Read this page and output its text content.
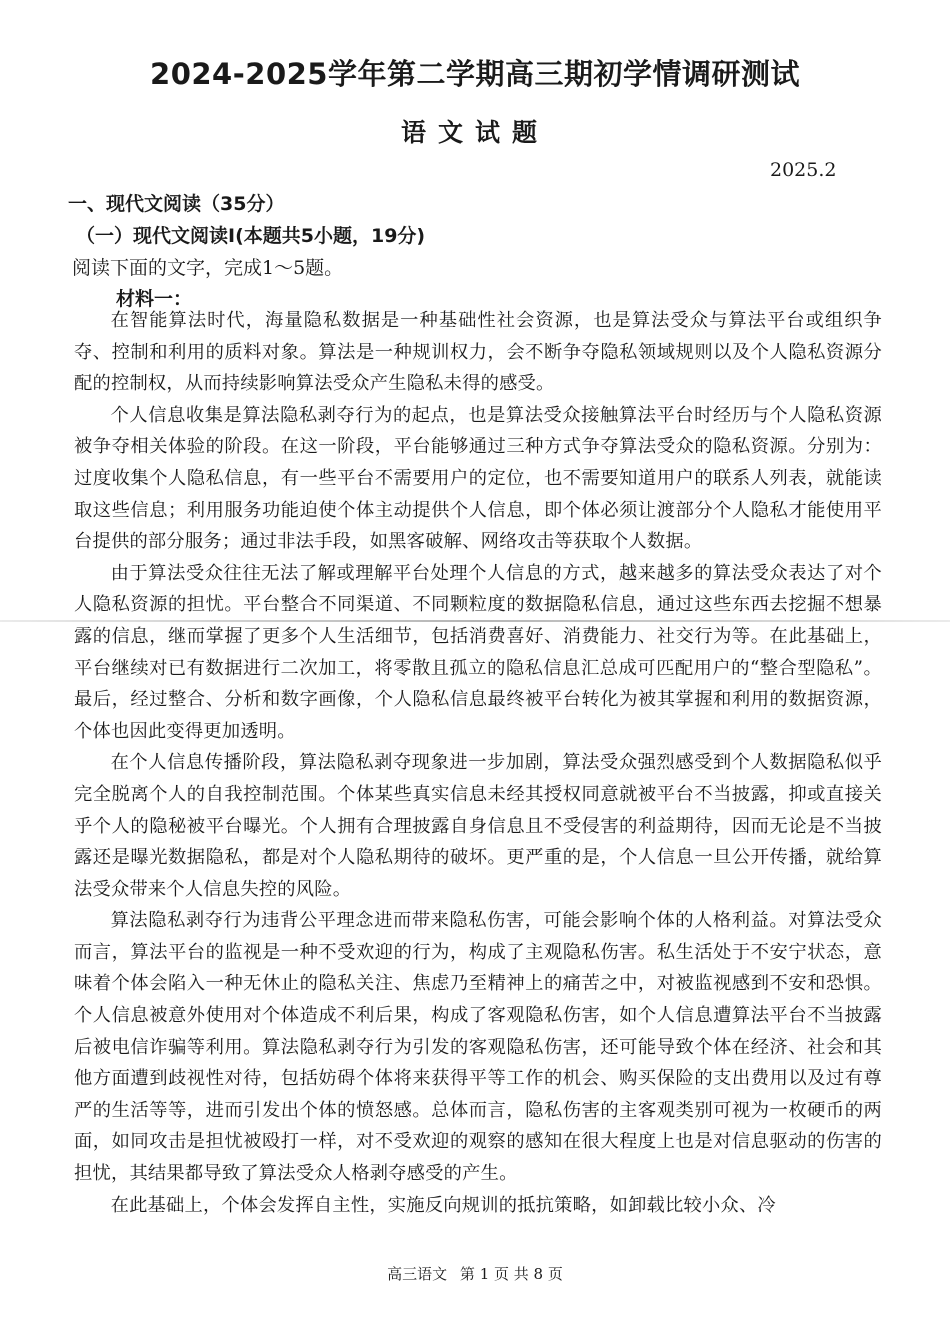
2024-2025学年第二学期高三期初学情调研测试
语文试题
2025.2
一、现代文阅读（35分）
（一）现代文阅读Ⅰ(本题共5小题，19分)
阅读下面的文字，完成1～5题。
材料一：

在智能算法时代，海量隐私数据是一种基础性社会资源，也是算法受众与算法平台或组织争夺、控制和利用的质料对象。算法是一种规训权力，会不断争夺隐私领域规则以及个人隐私资源分配的控制权，从而持续影响算法受众产生隐私未得的感受。

个人信息收集是算法隐私剥夺行为的起点，也是算法受众接触算法平台时经历与个人隐私资源被争夺相关体验的阶段。在这一阶段，平台能够通过三种方式争夺算法受众的隐私资源。分别为：过度收集个人隐私信息，有一些平台不需要用户的定位，也不需要知道用户的联系人列表，就能读取这些信息；利用服务功能迫使个体主动提供个人信息，即个体必须让渡部分个人隐私才能使用平台提供的部分服务；通过非法手段，如黑客破解、网络攻击等获取个人数据。

由于算法受众往往无法了解或理解平台处理个人信息的方式，越来越多的算法受众表达了对个人隐私资源的担忧。平台整合不同渠道、不同颗粒度的数据隐私信息，通过这些东西去挖掘不想暴露的信息，继而掌握了更多个人生活细节，包括消费喜好、消费能力、社交行为等。在此基础上，平台继续对已有数据进行二次加工，将零散且孤立的隐私信息汇总成可匹配用户的“整合型隐私”。最后，经过整合、分析和数字画像，个人隐私信息最终被平台转化为被其掌握和利用的数据资源，个体也因此变得更加透明。

在个人信息传播阶段，算法隐私剥夺现象进一步加剧，算法受众强烈感受到个人数据隐私似乎完全脱离个人的自我控制范围。个体某些真实信息未经其授权同意就被平台不当披露，抑或直接关乎个人的隐秘被平台曝光。个人拥有合理披露自身信息且不受侵害的利益期待，因而无论是不当披露还是曝光数据隐私，都是对个人隐私期待的破坏。更严重的是，个人信息一旦公开传播，就给算法受众带来个人信息失控的风险。

算法隐私剥夺行为违背公平理念进而带来隐私伤害，可能会影响个体的人格利益。对算法受众而言，算法平台的监视是一种不受欢迎的行为，构成了主观隐私伤害。私生活处于不安宁状态，意味着个体会陷入一种无休止的隐私关注、焦虑乃至精神上的痛苦之中，对被监视感到不安和恐惧。个人信息被意外使用对个体造成不利后果，构成了客观隐私伤害，如个人信息遭算法平台不当披露后被电信诈骗等利用。算法隐私剥夺行为引发的客观隐私伤害，还可能导致个体在经济、社会和其他方面遭到歧视性对待，包括妨碍个体将来获得平等工作的机会、购买保险的支出费用以及过有尊严的生活等等，进而引发出个体的愤怒感。总体而言，隐私伤害的主客观类别可视为一枚硬币的两面，如同攻击是担忧被殴打一样，对不受欢迎的观察的感知在很大程度上也是对信息驱动的伤害的担忧，其结果都导致了算法受众人格剥夺感受的产生。

在此基础上，个体会发挥自主性，实施反向规训的抵抗策略，如卸载比较小众、冷

高三语文 第 1 页 共 8 页
